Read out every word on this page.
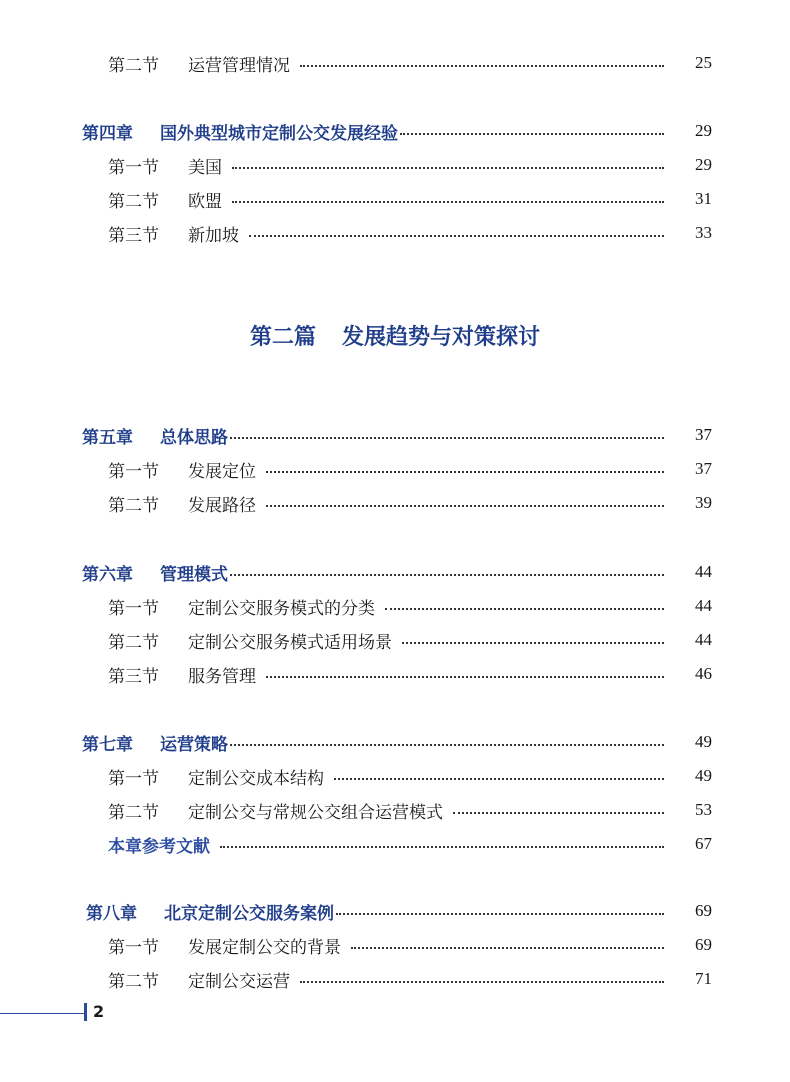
第二节 运营管理情况	25
第四章 国外典型城市定制公交发展经验	29
第一节 美国	29
第二节 欧盟	31
第三节 新加坡	33
第二篇 发展趋势与对策探讨
第五章 总体思路	37
第一节 发展定位	37
第二节 发展路径	39
第六章 管理模式	44
第一节 定制公交服务模式的分类	44
第二节 定制公交服务模式适用场景	44
第三节 服务管理	46
第七章 运营策略	49
第一节 定制公交成本结构	49
第二节 定制公交与常规公交组合运营模式	53
本章参考文献	67
第八章 北京定制公交服务案例	69
第一节 发展定制公交的背景	69
第二节 定制公交运营	71
2
